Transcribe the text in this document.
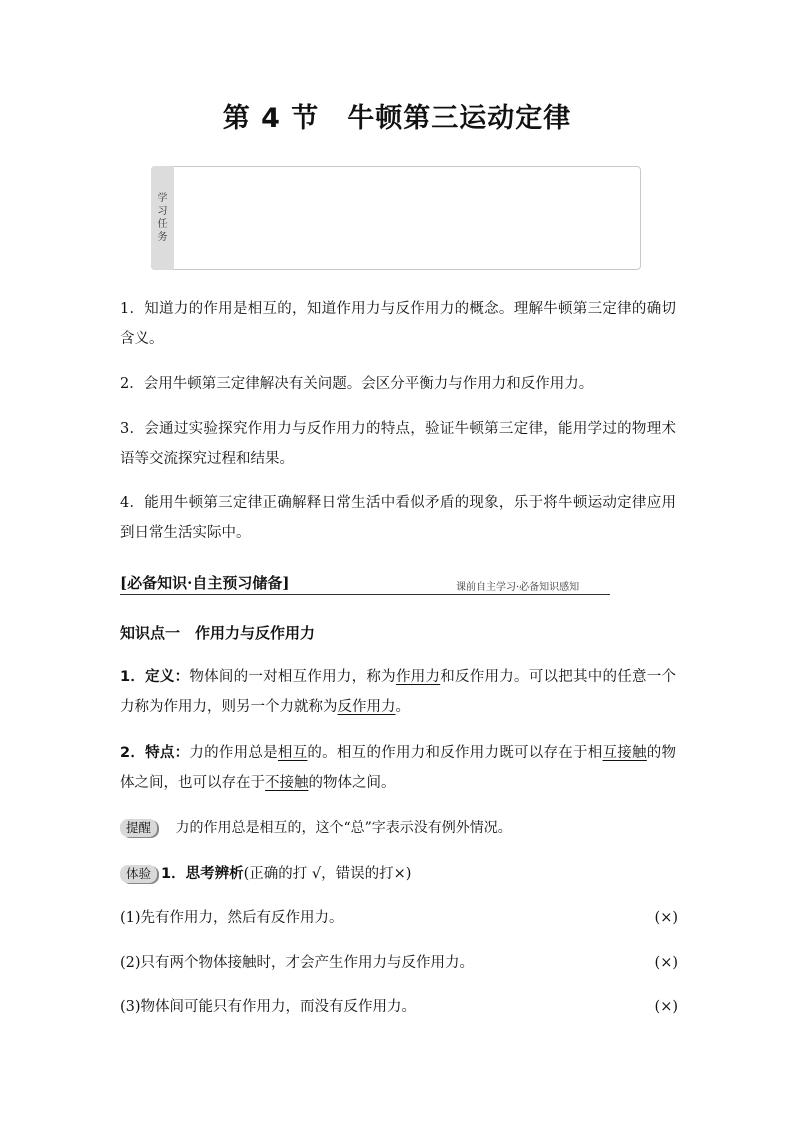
第 4 节　牛顿第三运动定律
学习任务
1．知道力的作用是相互的，知道作用力与反作用力的概念。理解牛顿第三定律的确切含义。
2．会用牛顿第三定律解决有关问题。会区分平衡力与作用力和反作用力。
3．会通过实验探究作用力与反作用力的特点，验证牛顿第三定律，能用学过的物理术语等交流探究过程和结果。
4．能用牛顿第三定律正确解释日常生活中看似矛盾的现象，乐于将牛顿运动定律应用到日常生活实际中。
[必备知识·自主预习储备]	课前自主学习·必备知识感知
知识点一　作用力与反作用力
1．定义：物体间的一对相互作用力，称为作用力和反作用力。可以把其中的任意一个力称为作用力，则另一个力就称为反作用力。
2．特点：力的作用总是相互的。相互的作用力和反作用力既可以存在于相互接触的物体之间，也可以存在于不接触的物体之间。
提醒 力的作用总是相互的，这个“总”字表示没有例外情况。
体验 1．思考辨析(正确的打 √，错误的打×)
(1)先有作用力，然后有反作用力。	(×)
(2)只有两个物体接触时，才会产生作用力与反作用力。	(×)
(3)物体间可能只有作用力，而没有反作用力。	(×)
